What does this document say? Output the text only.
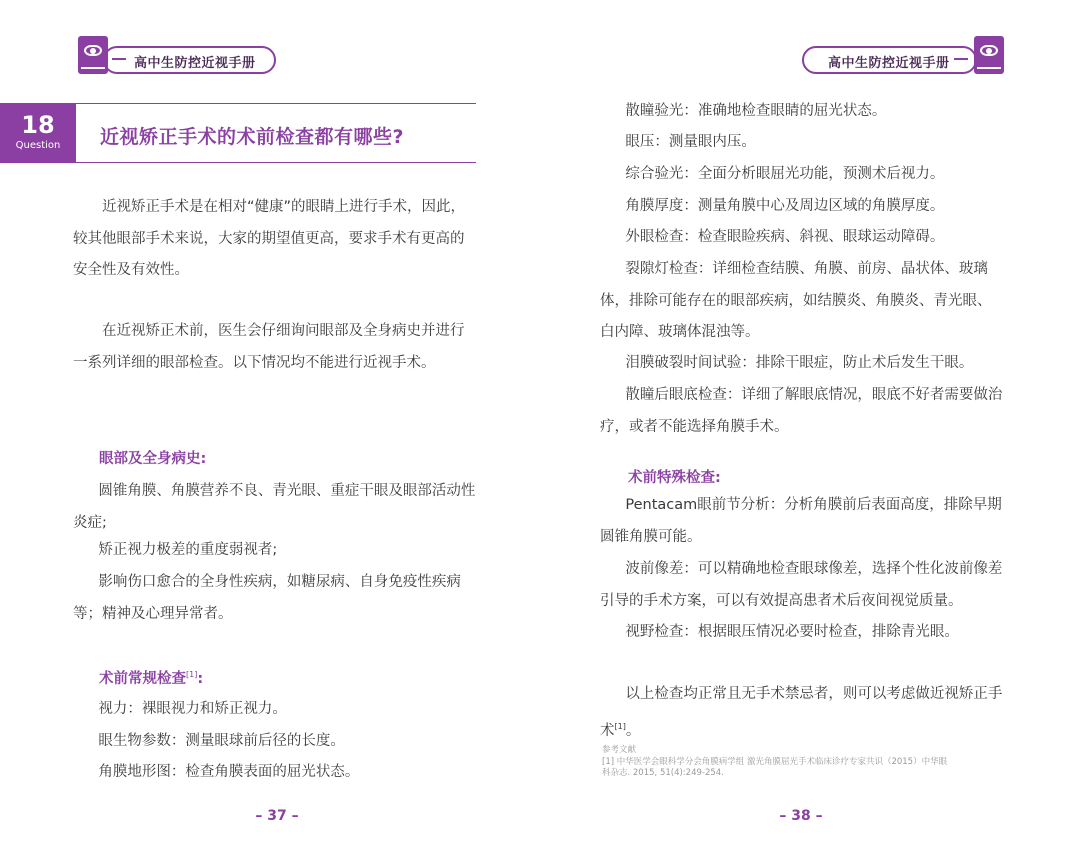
高中生防控近视手册
18
Question	近视矫正手术的术前检查都有哪些?

近视矫正手术是在相对“健康”的眼睛上进行手术，因此，较其他眼部手术来说，大家的期望值更高，要求手术有更高的安全性及有效性。

在近视矫正术前，医生会仔细询问眼部及全身病史并进行一系列详细的眼部检查。以下情况均不能进行近视手术。

眼部及全身病史:

圆锥角膜、角膜营养不良、青光眼、重症干眼及眼部活动性炎症;

矫正视力极差的重度弱视者;

影响伤口愈合的全身性疾病，如糖尿病、自身免疫性疾病等；精神及心理异常者。

术前常规检查[1]:

视力：裸眼视力和矫正视力。

眼生物参数：测量眼球前后径的长度。

角膜地形图：检查角膜表面的屈光状态。

– 37 –
高中生防控近视手册

散瞳验光：准确地检查眼睛的屈光状态。

眼压：测量眼内压。

综合验光：全面分析眼屈光功能，预测术后视力。

角膜厚度：测量角膜中心及周边区域的角膜厚度。

外眼检查：检查眼睑疾病、斜视、眼球运动障碍。

裂隙灯检查：详细检查结膜、角膜、前房、晶状体、玻璃体，排除可能存在的眼部疾病，如结膜炎、角膜炎、青光眼、白内障、玻璃体混浊等。

泪膜破裂时间试验：排除干眼症，防止术后发生干眼。

散瞳后眼底检查：详细了解眼底情况，眼底不好者需要做治疗，或者不能选择角膜手术。

术前特殊检查:

Pentacam眼前节分析：分析角膜前后表面高度，排除早期圆锥角膜可能。

波前像差：可以精确地检查眼球像差，选择个性化波前像差引导的手术方案，可以有效提高患者术后夜间视觉质量。

视野检查：根据眼压情况必要时检查，排除青光眼。

以上检查均正常且无手术禁忌者，则可以考虑做近视矫正手术[1]。

参考文献
[1] 中华医学会眼科学分会角膜病学组 激光角膜屈光手术临床诊疗专家共识（2015）中华眼
科杂志. 2015, 51(4):249-254.
– 38 –
